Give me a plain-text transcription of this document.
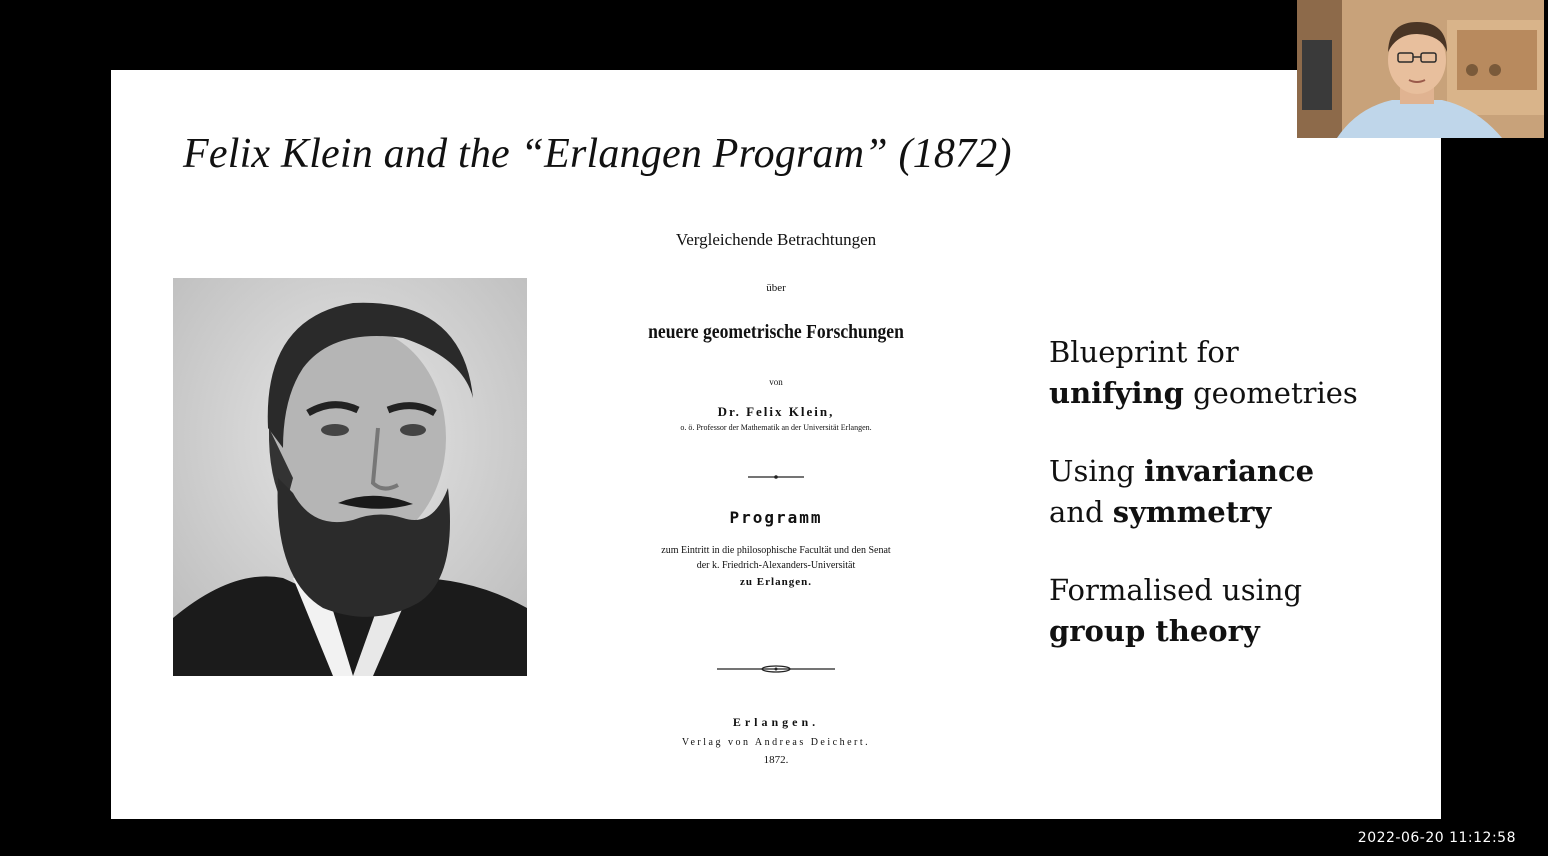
Felix Klein and the “Erlangen Program” (1872)
Vergleichende Betrachtungen
über
neuere geometrische Forschungen
von
Dr. Felix Klein,
o. ö. Professor der Mathematik an der Universität Erlangen.
Programm
zum Eintritt in die philosophische Facultät und den Senat
der k. Friedrich-Alexanders-Universität
zu Erlangen.
Erlangen.
Verlag von Andreas Deichert.
1872.
Blueprint for
unifying geometries
Using invariance
and symmetry
Formalised using
group theory
2022-06-20 11:12:58
